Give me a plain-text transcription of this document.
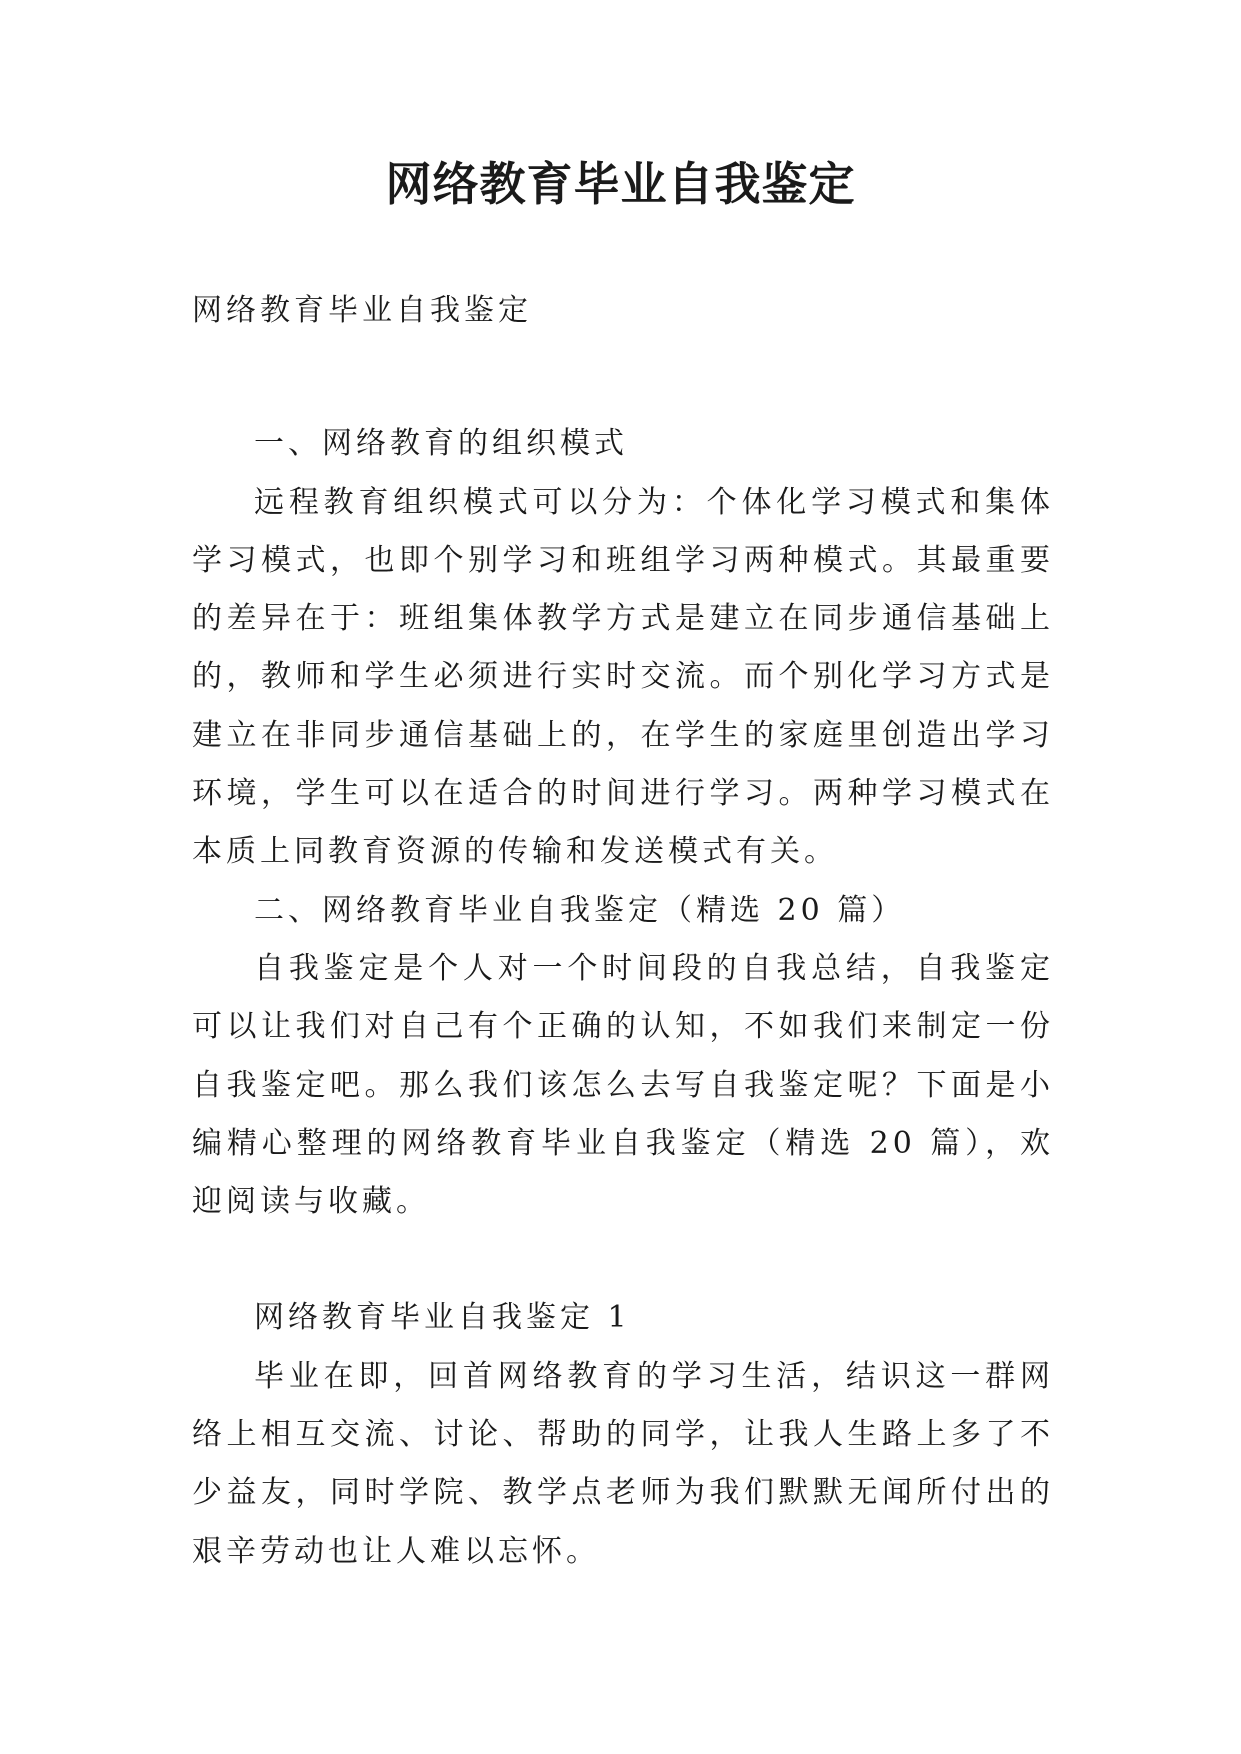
网络教育毕业自我鉴定

网络教育毕业自我鉴定

一、网络教育的组织模式

远程教育组织模式可以分为：个体化学习模式和集体学习模式，也即个别学习和班组学习两种模式。其最重要的差异在于：班组集体教学方式是建立在同步通信基础上的，教师和学生必须进行实时交流。而个别化学习方式是建立在非同步通信基础上的，在学生的家庭里创造出学习环境，学生可以在适合的时间进行学习。两种学习模式在本质上同教育资源的传输和发送模式有关。

二、网络教育毕业自我鉴定（精选 20 篇）

自我鉴定是个人对一个时间段的自我总结，自我鉴定可以让我们对自己有个正确的认知，不如我们来制定一份自我鉴定吧。那么我们该怎么去写自我鉴定呢？下面是小编精心整理的网络教育毕业自我鉴定（精选 20 篇），欢迎阅读与收藏。

网络教育毕业自我鉴定 1

毕业在即，回首网络教育的学习生活，结识这一群网络上相互交流、讨论、帮助的同学，让我人生路上多了不少益友，同时学院、教学点老师为我们默默无闻所付出的艰辛劳动也让人难以忘怀。
